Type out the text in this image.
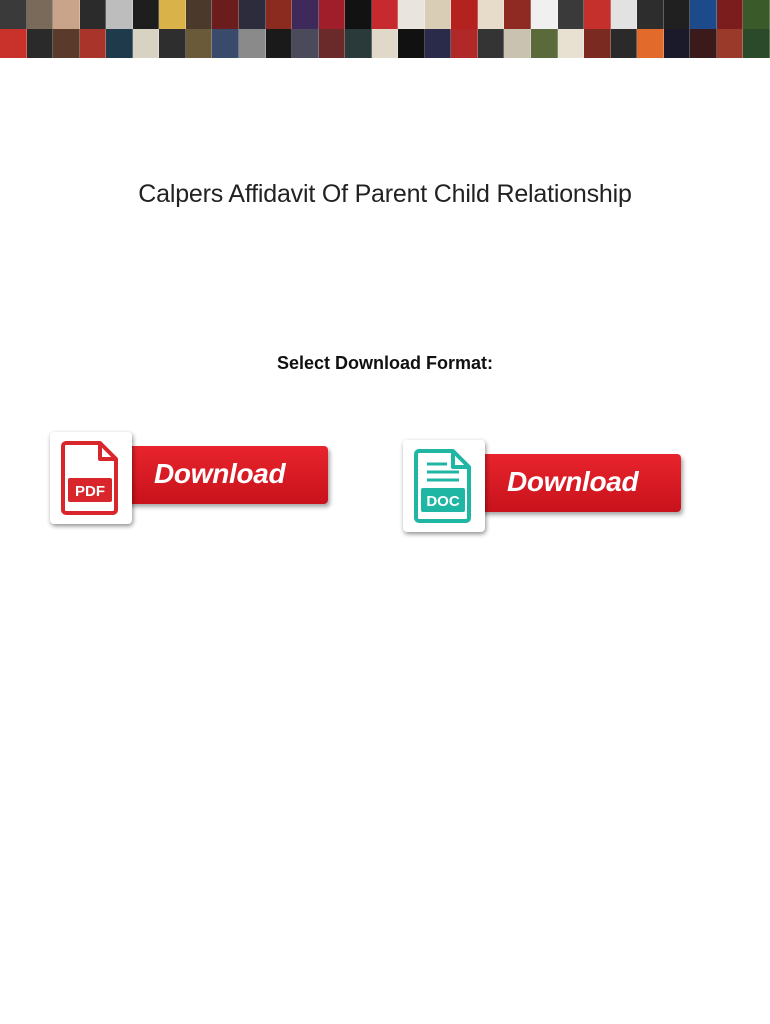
Calpers Affidavit Of Parent Child Relationship
Select Download Format:
Download
PDF	Download
DOC
